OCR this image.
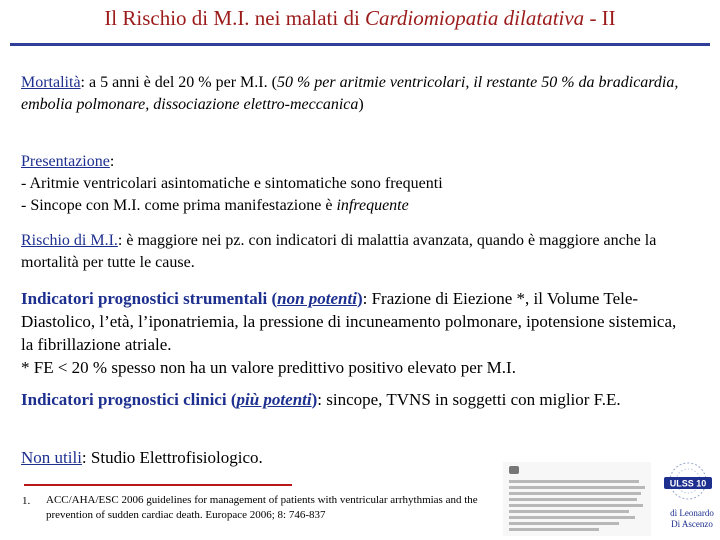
Il Rischio di M.I. nei malati di Cardiomiopatia dilatativa - II
Mortalità: a 5 anni è del 20 % per M.I. (50 % per aritmie ventricolari, il restante 50 % da bradicardia, embolia polmonare, dissociazione elettro-meccanica)
Presentazione:
- Aritmie ventricolari asintomatiche e sintomatiche sono frequenti
- Sincope con M.I. come prima manifestazione è infrequente
Rischio di M.I.: è maggiore nei pz. con indicatori di malattia avanzata, quando è maggiore anche la mortalità per tutte le cause.
Indicatori prognostici strumentali (non potenti): Frazione di Eiezione *, il Volume Tele-Diastolico, l’età, l’iponatriemia, la pressione di incuneamento polmonare, ipotensione sistemica, la fibrillazione atriale.
* FE < 20 % spesso non ha un valore predittivo positivo elevato per M.I.
Indicatori prognostici clinici (più potenti): sincope, TVNS in soggetti con miglior F.E.
Non utili: Studio Elettrofisiologico.
1. ACC/AHA/ESC 2006 guidelines for management of patients with ventricular arrhythmias and the prevention of sudden cardiac death. Europace 2006; 8: 746-837
ULSS 10
dì Leonardo
Di Ascenzo
